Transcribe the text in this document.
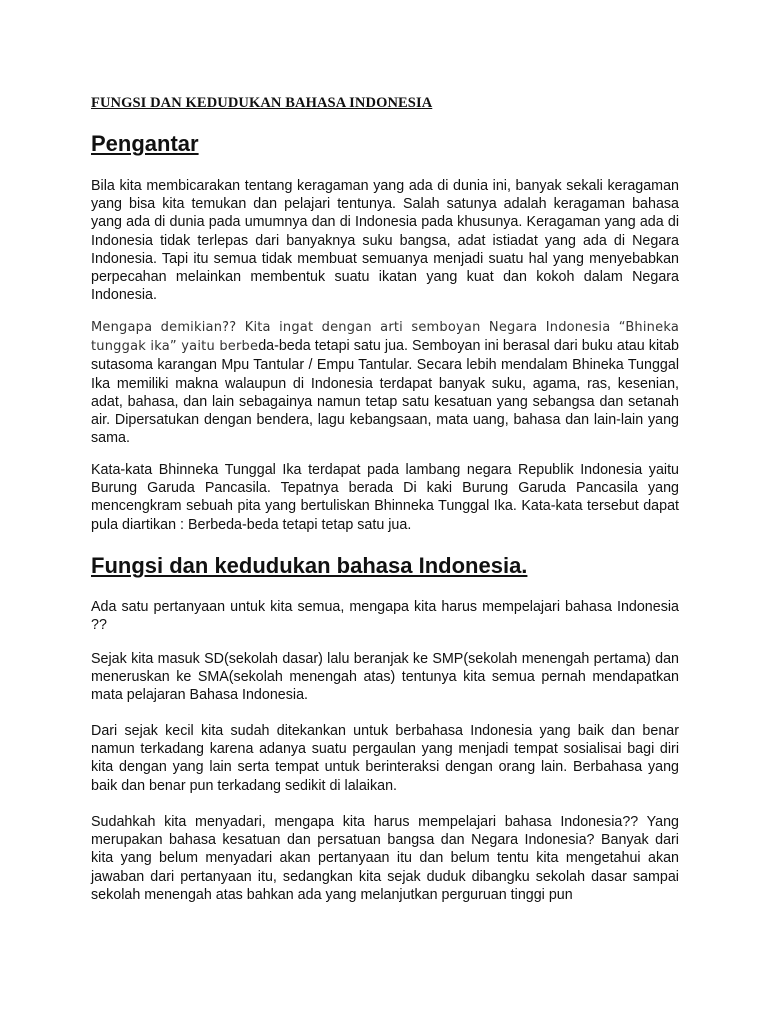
FUNGSI DAN KEDUDUKAN BAHASA INDONESIA
Pengantar

Bila kita membicarakan tentang keragaman yang ada di dunia ini, banyak sekali keragaman yang bisa kita temukan dan pelajari tentunya. Salah satunya adalah keragaman bahasa yang ada di dunia pada umumnya dan di Indonesia pada khusunya. Keragaman yang ada di Indonesia tidak terlepas dari banyaknya suku bangsa, adat istiadat yang ada di Negara Indonesia. Tapi itu semua tidak membuat semuanya menjadi suatu hal yang menyebabkan perpecahan melainkan membentuk suatu ikatan yang kuat dan kokoh dalam Negara Indonesia.

Mengapa demikian?? Kita ingat dengan arti semboyan Negara Indonesia “Bhineka tunggak ika” yaitu berbeda-beda tetapi satu jua. Semboyan ini berasal dari buku atau kitab sutasoma karangan Mpu Tantular / Empu Tantular. Secara lebih mendalam Bhineka Tunggal Ika memiliki makna walaupun di Indonesia terdapat banyak suku, agama, ras, kesenian, adat, bahasa, dan lain sebagainya namun tetap satu kesatuan yang sebangsa dan setanah air. Dipersatukan dengan bendera, lagu kebangsaan, mata uang, bahasa dan lain-lain yang sama.

Kata-kata Bhinneka Tunggal Ika terdapat pada lambang negara Republik Indonesia yaitu Burung Garuda Pancasila. Tepatnya berada Di kaki Burung Garuda Pancasila yang mencengkram sebuah pita yang bertuliskan Bhinneka Tunggal Ika. Kata-kata tersebut dapat pula diartikan : Berbeda-beda tetapi tetap satu jua.

Fungsi dan kedudukan bahasa Indonesia.

Ada satu pertanyaan untuk kita semua, mengapa kita harus mempelajari bahasa Indonesia ??

Sejak kita masuk SD(sekolah dasar) lalu beranjak ke SMP(sekolah menengah pertama) dan meneruskan ke SMA(sekolah menengah atas) tentunya kita semua pernah mendapatkan mata pelajaran Bahasa Indonesia.

Dari sejak kecil kita sudah ditekankan untuk berbahasa Indonesia yang baik dan benar namun terkadang karena adanya suatu pergaulan yang menjadi tempat sosialisai bagi diri kita dengan yang lain serta tempat untuk berinteraksi dengan orang lain. Berbahasa yang baik dan benar pun terkadang sedikit di lalaikan.

Sudahkah kita menyadari, mengapa kita harus mempelajari bahasa Indonesia?? Yang merupakan bahasa kesatuan dan persatuan bangsa dan Negara Indonesia? Banyak dari kita yang belum menyadari akan pertanyaan itu dan belum tentu kita mengetahui akan jawaban dari pertanyaan itu, sedangkan kita sejak duduk dibangku sekolah dasar sampai sekolah menengah atas bahkan ada yang melanjutkan perguruan tinggi pun
